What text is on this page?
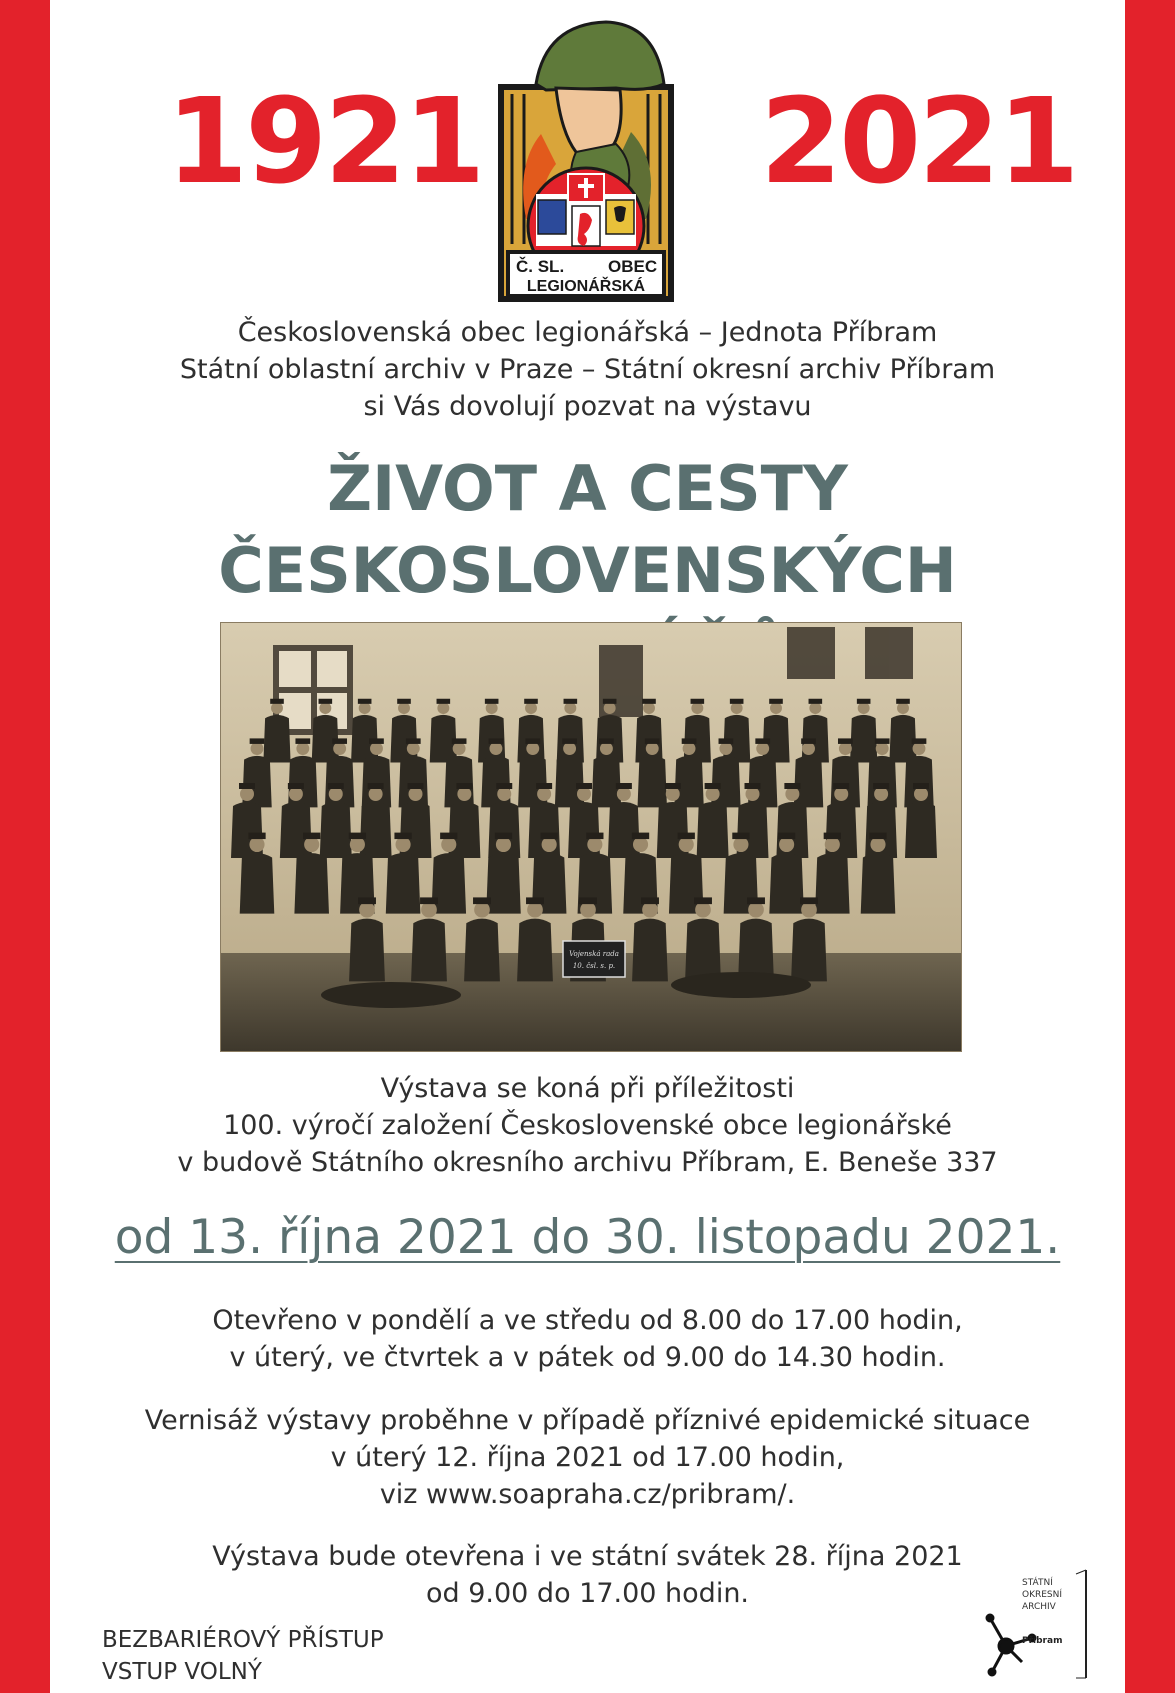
1921 2021
Č. SL.	OBEC
LEGIONÁŘSKÁ
Československá obec legionářská – Jednota Příbram
Státní oblastní archiv v Praze – Státní okresní archiv Příbram
si Vás dovolují pozvat na výstavu
ŽIVOT A CESTY
ČESKOSLOVENSKÝCH
Vojenská rada
10. čsl. s. p.
Výstava se koná při příležitosti
100. výročí založení Československé obce legionářské
v budově Státního okresního archivu Příbram, E. Beneše 337
od 13. října 2021 do 30. listopadu 2021.
Otevřeno v pondělí a ve středu od 8.00 do 17.00 hodin,
v úterý, ve čtvrtek a v pátek od 9.00 do 14.30 hodin.
Vernisáž výstavy proběhne v případě příznivé epidemické situace
v úterý 12. října 2021 od 17.00 hodin,
viz www.soapraha.cz/pribram/.
Výstava bude otevřena i ve státní svátek 28. října 2021
od 9.00 do 17.00 hodin.
BEZBARIÉROVÝ PŘÍSTUP
VSTUP VOLNÝ
STÁTNÍ
OKRESNÍ
ARCHIV
Příbram
